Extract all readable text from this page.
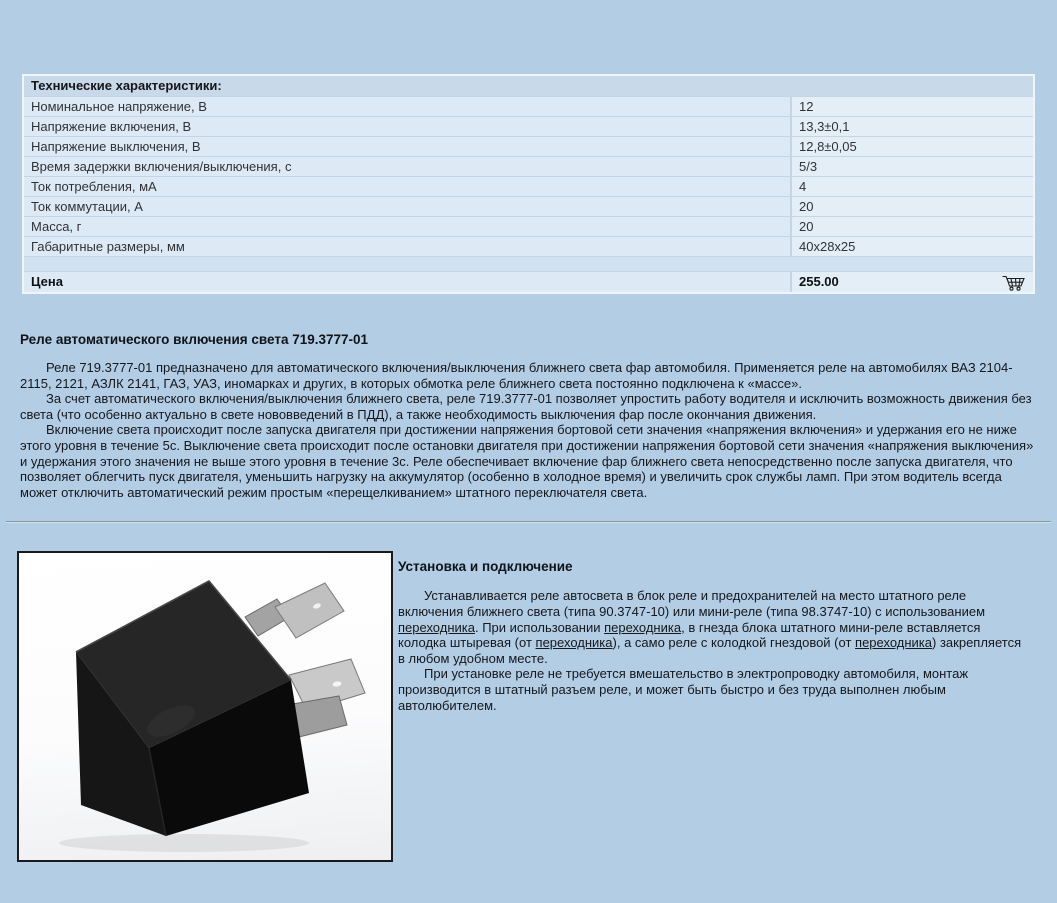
Технические характеристики:
Номинальное напряжение, В	12
Напряжение включения, В	13,3±0,1
Напряжение выключения, В	12,8±0,05
Время задержки включения/выключения, с	5/3
Ток потребления, мА	4
Ток коммутации, А	20
Масса, г	20
Габаритные размеры, мм	40х28х25
Цена	255.00
Реле автоматического включения света 719.3777-01

Реле 719.3777-01 предназначено для автоматического включения/выключения ближнего света фар автомобиля. Применяется реле на автомобилях ВАЗ 2104-2115, 2121, АЗЛК 2141, ГАЗ, УАЗ, иномарках и других, в которых обмотка реле ближнего света постоянно подключена к «массе».

За счет автоматического включения/выключения ближнего света, реле 719.3777-01 позволяет упростить работу водителя и исключить возможность движения без света (что особенно актуально в свете нововведений в ПДД), а также необходимость выключения фар после окончания движения.

Включение света происходит после запуска двигателя при достижении напряжения бортовой сети значения «напряжения включения» и удержания его не ниже этого уровня в течение 5с. Выключение света происходит после остановки двигателя при достижении напряжения бортовой сети значения «напряжения выключения» и удержания этого значения не выше этого уровня в течение 3с. Реле обеспечивает включение фар ближнего света непосредственно после запуска двигателя, что позволяет облегчить пуск двигателя, уменьшить нагрузку на аккумулятор (особенно в холодное время) и увеличить срок службы ламп. При этом водитель всегда может отключить автоматический режим простым «перещелкиванием» штатного переключателя света.

Установка и подключение

Устанавливается реле автосвета в блок реле и предохранителей на место штатного реле включения ближнего света (типа 90.3747-10) или мини-реле (типа 98.3747-10) с использованием переходника. При использовании переходника, в гнезда блока штатного мини-реле вставляется колодка штыревая (от переходника), а само реле с колодкой гнездовой (от переходника) закрепляется в любом удобном месте.

При установке реле не требуется вмешательство в электропроводку автомобиля, монтаж производится в штатный разъем реле, и может быть быстро и без труда выполнен любым автолюбителем.
